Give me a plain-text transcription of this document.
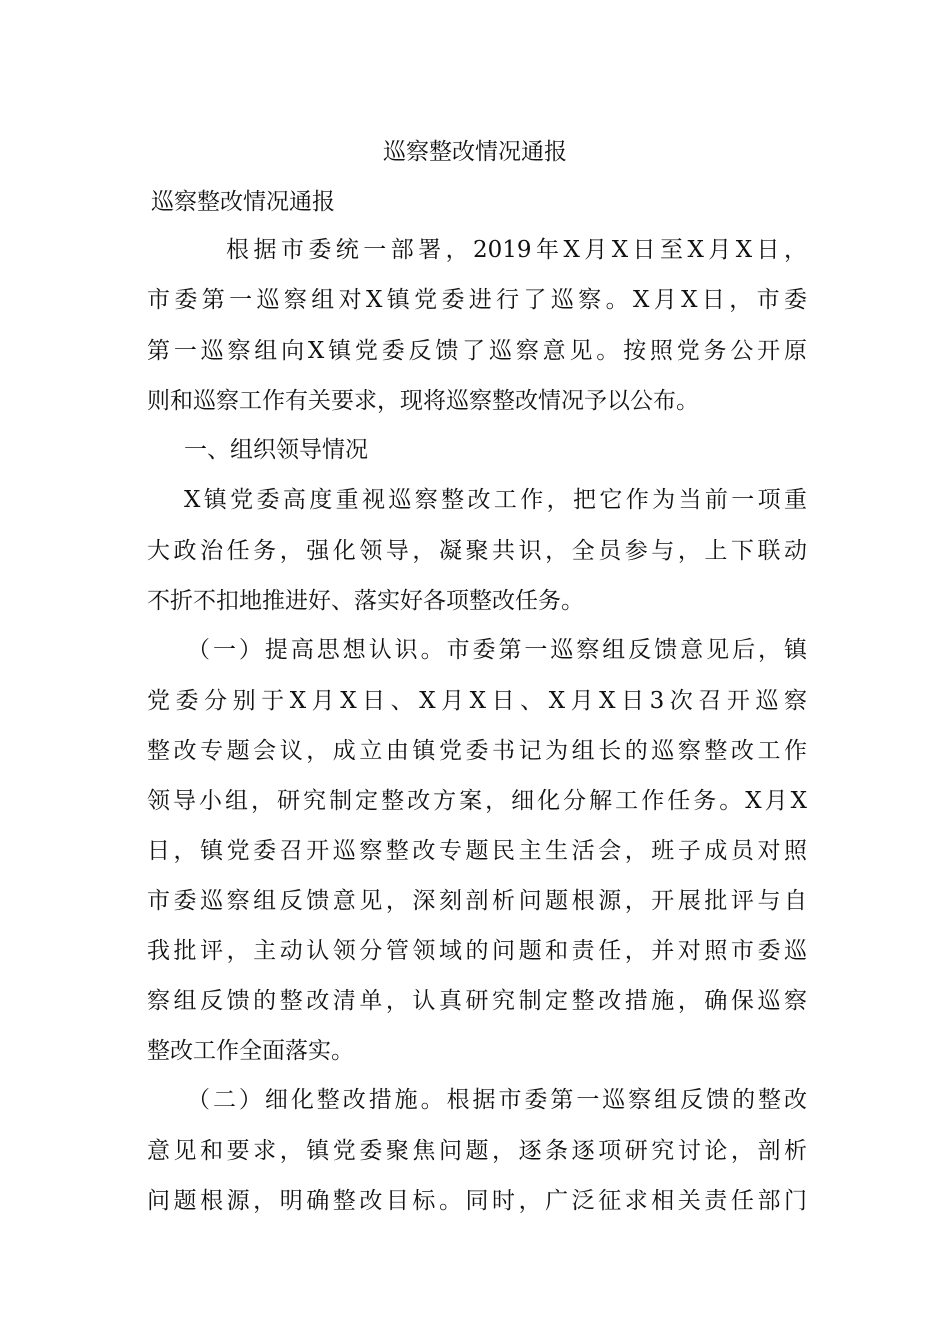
巡察整改情况通报

巡察整改情况通报

根据市委统一部署，2019年X月X日至X月X日，

市委第一巡察组对X镇党委进行了巡察。X月X日，市委

第一巡察组向X镇党委反馈了巡察意见。按照党务公开原

则和巡察工作有关要求，现将巡察整改情况予以公布。

一、组织领导情况

X镇党委高度重视巡察整改工作，把它作为当前一项重

大政治任务，强化领导，凝聚共识，全员参与，上下联动

不折不扣地推进好、落实好各项整改任务。

（一）提高思想认识。市委第一巡察组反馈意见后，镇

党委分别于X月X日、X月X日、X月X日3次召开巡察

整改专题会议，成立由镇党委书记为组长的巡察整改工作

领导小组，研究制定整改方案，细化分解工作任务。X月X

日，镇党委召开巡察整改专题民主生活会，班子成员对照

市委巡察组反馈意见，深刻剖析问题根源，开展批评与自

我批评，主动认领分管领域的问题和责任，并对照市委巡

察组反馈的整改清单，认真研究制定整改措施，确保巡察

整改工作全面落实。

（二）细化整改措施。根据市委第一巡察组反馈的整改

意见和要求，镇党委聚焦问题，逐条逐项研究讨论，剖析

问题根源，明确整改目标。同时，广泛征求相关责任部门
